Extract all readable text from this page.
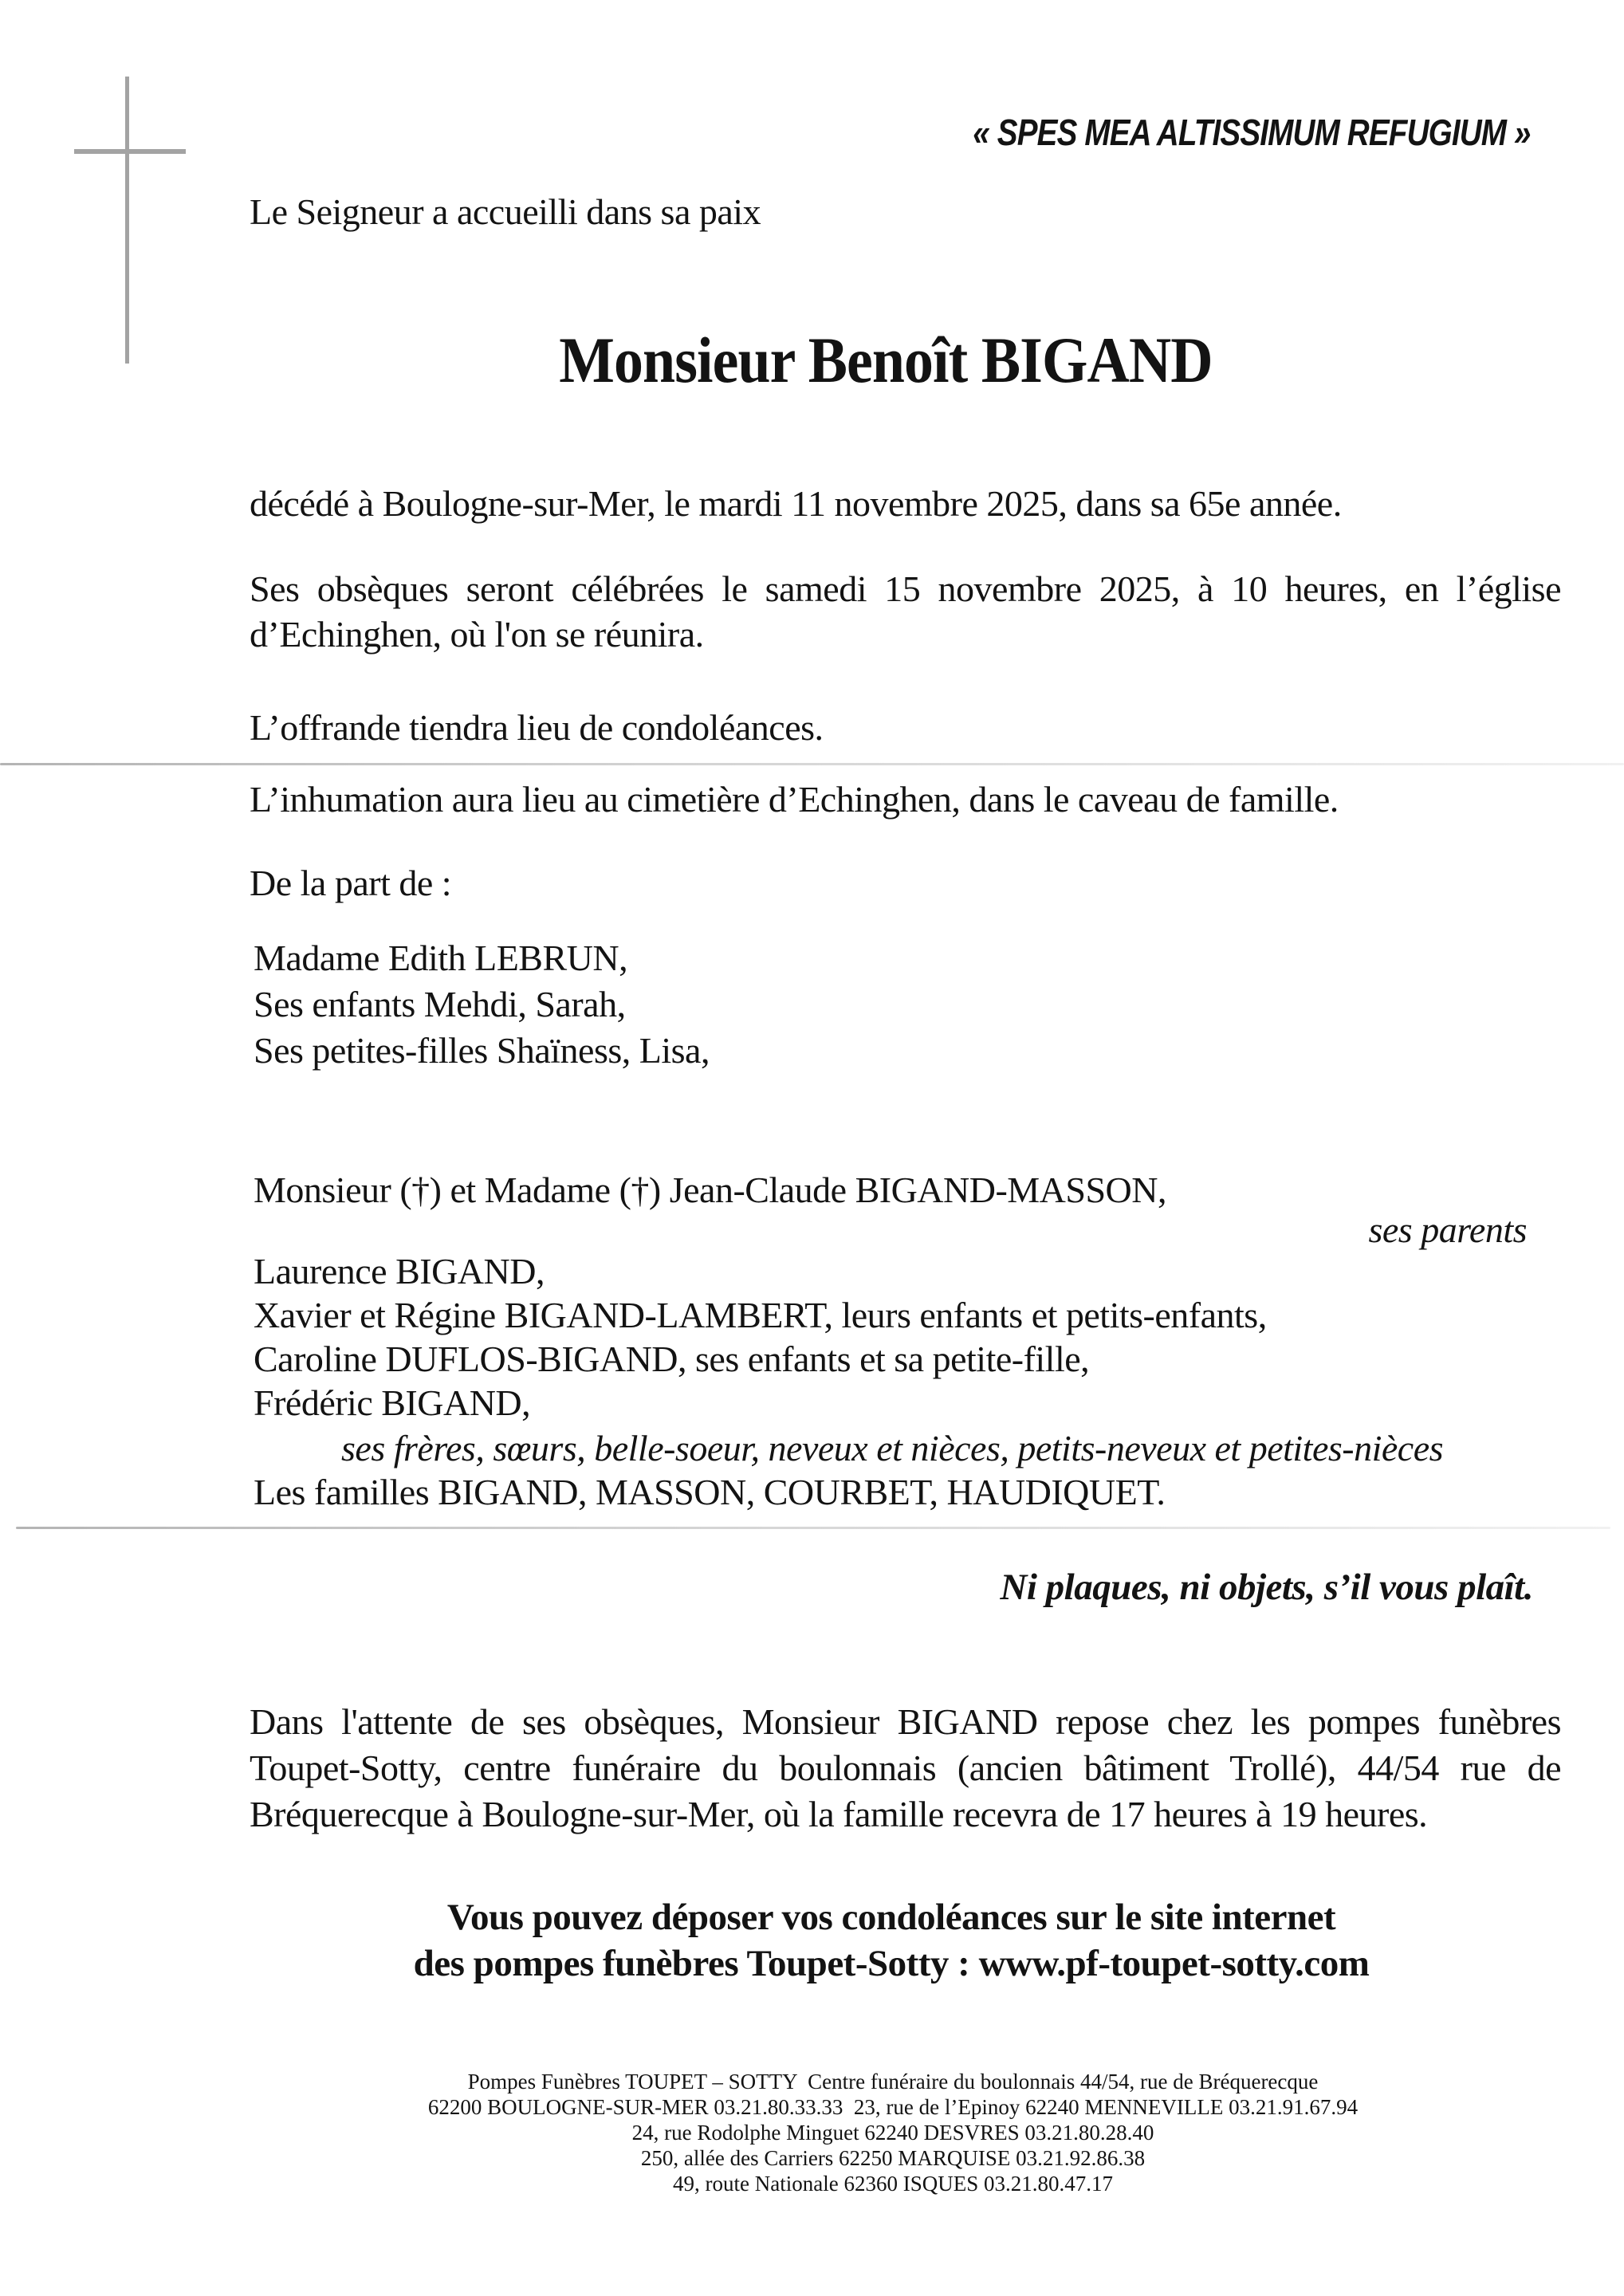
« SPES MEA ALTISSIMUM REFUGIUM »
Le Seigneur a accueilli dans sa paix
Monsieur Benoît BIGAND
décédé à Boulogne-sur-Mer, le mardi 11 novembre 2025, dans sa 65e année.
Ses obsèques seront célébrées le samedi 15 novembre 2025, à 10 heures, en l’église
d’Echinghen, où l'on se réunira.
L’offrande tiendra lieu de condoléances.
L’inhumation aura lieu au cimetière d’Echinghen, dans le caveau de famille.
De la part de :
Madame Edith LEBRUN,
Ses enfants Mehdi, Sarah,
Ses petites-filles Shaïness, Lisa,
Monsieur (†) et Madame (†) Jean-Claude BIGAND-MASSON,
ses parents
Laurence BIGAND,
Xavier et Régine BIGAND-LAMBERT, leurs enfants et petits-enfants,
Caroline DUFLOS-BIGAND, ses enfants et sa petite-fille,
Frédéric BIGAND,
ses frères, sœurs, belle-soeur, neveux et nièces, petits-neveux et petites-nièces
Les familles BIGAND, MASSON, COURBET, HAUDIQUET.
Ni plaques, ni objets, s’il vous plaît.
Dans l'attente de ses obsèques, Monsieur BIGAND repose chez les pompes funèbres
Toupet-Sotty, centre funéraire du boulonnais (ancien bâtiment Trollé), 44/54 rue de
Bréquerecque à Boulogne-sur-Mer, où la famille recevra de 17 heures à 19 heures.
Vous pouvez déposer vos condoléances sur le site internet
des pompes funèbres Toupet-Sotty : www.pf-toupet-sotty.com
Pompes Funèbres TOUPET – SOTTY  Centre funéraire du boulonnais 44/54, rue de Bréquerecque
62200 BOULOGNE-SUR-MER 03.21.80.33.33  23, rue de l’Epinoy 62240 MENNEVILLE 03.21.91.67.94
24, rue Rodolphe Minguet 62240 DESVRES 03.21.80.28.40
250, allée des Carriers 62250 MARQUISE 03.21.92.86.38
49, route Nationale 62360 ISQUES 03.21.80.47.17
